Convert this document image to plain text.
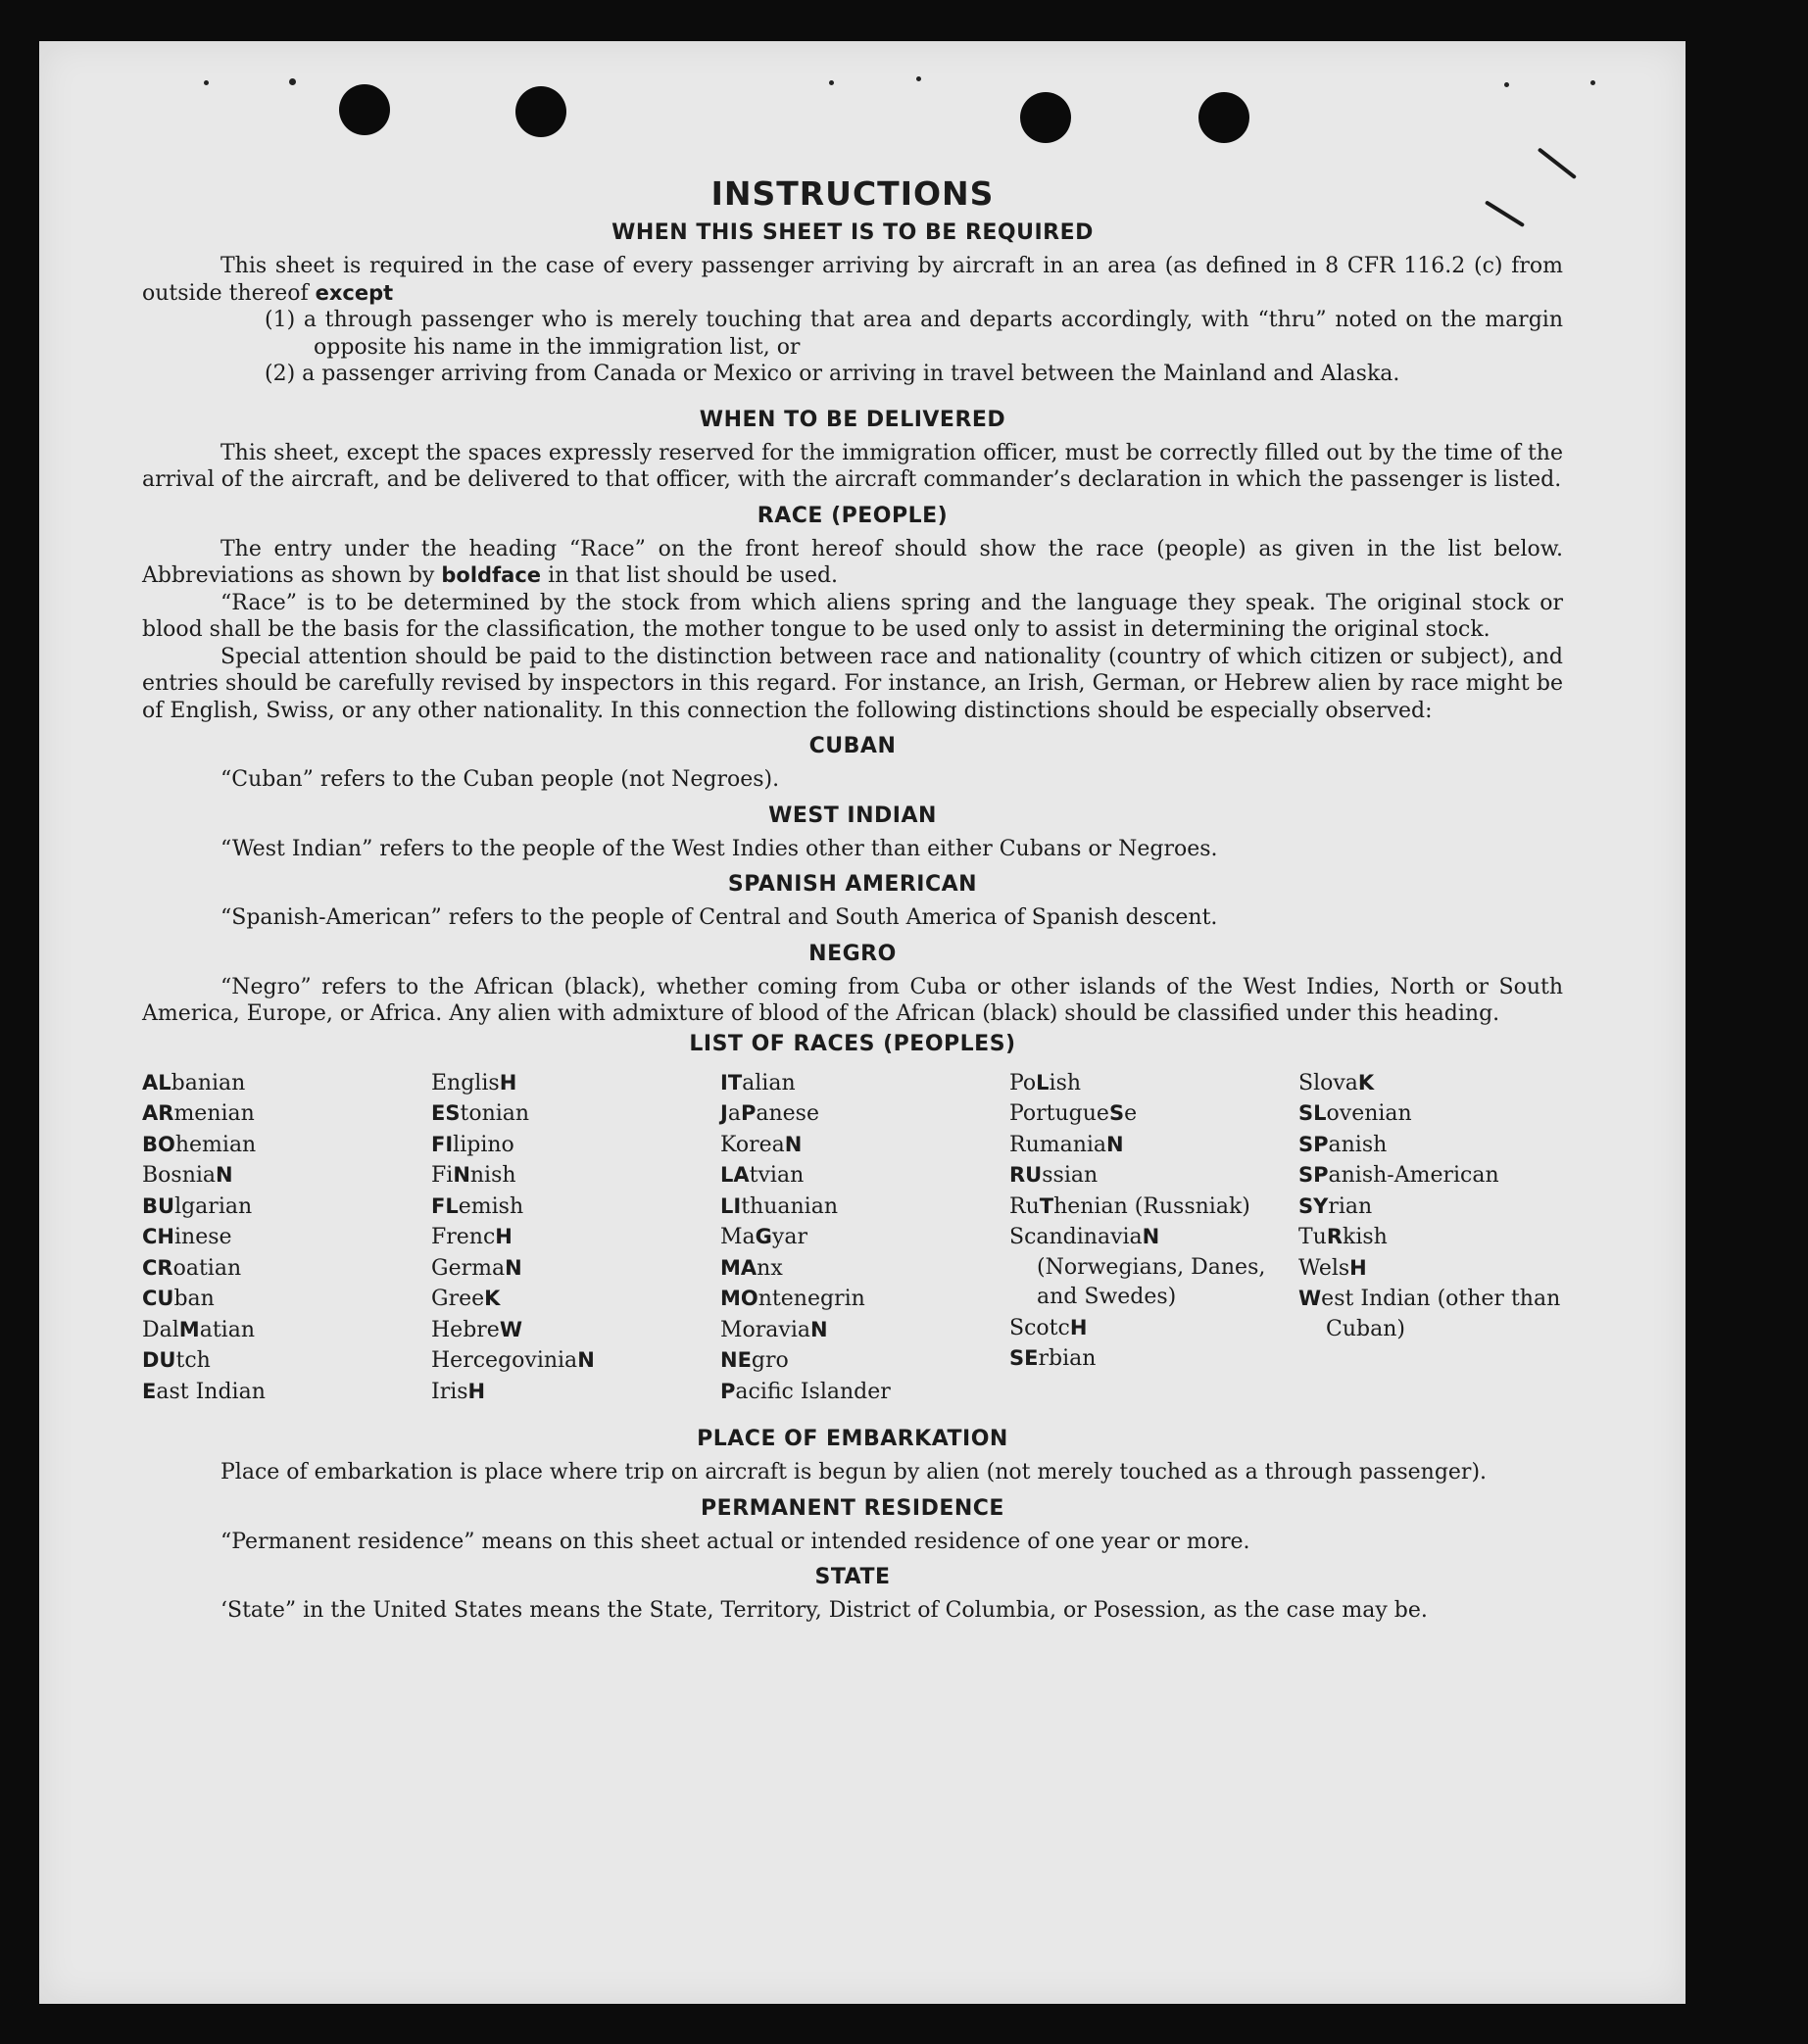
INSTRUCTIONS
WHEN THIS SHEET IS TO BE REQUIRED

This sheet is required in the case of every passenger arriving by aircraft in an area (as defined in 8 CFR 116.2 (c) from outside thereof except

(1) a through passenger who is merely touching that area and departs accordingly, with “thru” noted on the margin opposite his name in the immigration list, or

(2) a passenger arriving from Canada or Mexico or arriving in travel between the Mainland and Alaska.

WHEN TO BE DELIVERED

This sheet, except the spaces expressly reserved for the immigration officer, must be correctly filled out by the time of the arrival of the aircraft, and be delivered to that officer, with the aircraft commander’s declaration in which the passenger is listed.

RACE (PEOPLE)

The entry under the heading “Race” on the front hereof should show the race (people) as given in the list below. Abbreviations as shown by boldface in that list should be used.

“Race” is to be determined by the stock from which aliens spring and the language they speak. The original stock or blood shall be the basis for the classification, the mother tongue to be used only to assist in determining the original stock.

Special attention should be paid to the distinction between race and nationality (country of which citizen or subject), and entries should be carefully revised by inspectors in this regard. For instance, an Irish, German, or Hebrew alien by race might be of English, Swiss, or any other nationality. In this connection the following distinctions should be especially observed:

CUBAN

“Cuban” refers to the Cuban people (not Negroes).

WEST INDIAN

“West Indian” refers to the people of the West Indies other than either Cubans or Negroes.

SPANISH AMERICAN

“Spanish-American” refers to the people of Central and South America of Spanish descent.

NEGRO

“Negro” refers to the African (black), whether coming from Cuba or other islands of the West Indies, North or South America, Europe, or Africa. Any alien with admixture of blood of the African (black) should be classified under this heading.

LIST OF RACES (PEOPLES)

ALbanian

ARmenian

BOhemian

BosniaN

BUlgarian

CHinese

CRoatian

CUban

DalMatian

DUtch

East Indian

EnglisH

EStonian

FIlipino

FiNnish

FLemish

FrencH

GermaN

GreeK

HebreW

HercegoviniaN

IrisH

ITalian

JaPanese

KoreaN

LAtvian

LIthuanian

MaGyar

MAnx

MOntenegrin

MoraviaN

NEgro

Pacific Islander

PoLish

PortugueSe

RumaniaN

RUssian

RuThenian (Russniak)

ScandinaviaN (Norwegians, Danes, and Swedes)

ScotcH

SErbian

SlovaK

SLovenian

SPanish

SPanish-American

SYrian

TuRkish

WelsH

West Indian (other than Cuban)

PLACE OF EMBARKATION

Place of embarkation is place where trip on aircraft is begun by alien (not merely touched as a through passenger).

PERMANENT RESIDENCE

“Permanent residence” means on this sheet actual or intended residence of one year or more.

STATE

‘State” in the United States means the State, Territory, District of Columbia, or Posession, as the case may be.
